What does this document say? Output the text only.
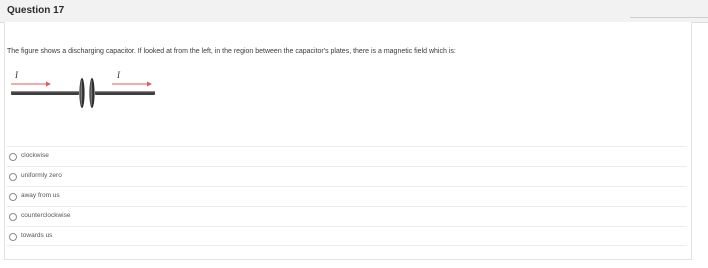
Question 17
The figure shows a discharging capacitor. If looked at from the left, in the region between the capacitor's plates, there is a magnetic field which is:
I	I
clockwise
uniformly zero
away from us
counterclockwise
towards us
